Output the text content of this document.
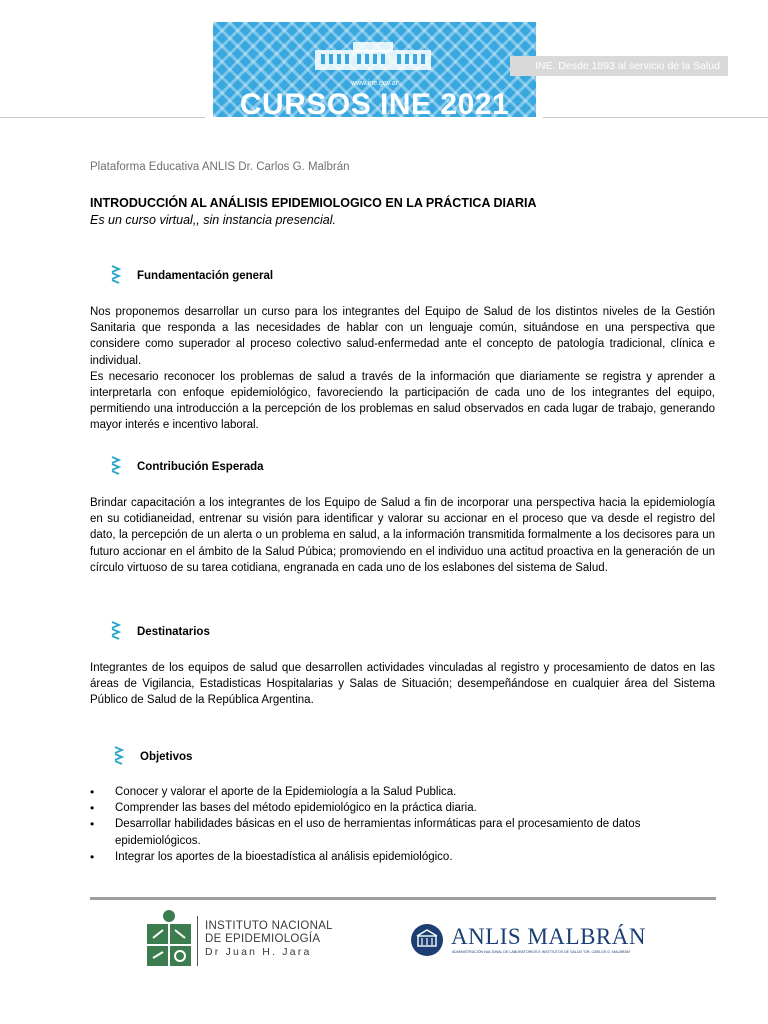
www.ine.gov.ar
CURSOS INE 2021
INE. Desde 1893 al servicio de la Salud
Plataforma Educativa ANLIS Dr. Carlos G. Malbrán
INTRODUCCIÓN AL ANÁLISIS EPIDEMIOLOGICO EN LA PRÁCTICA DIARIA
Es un curso virtual,, sin instancia presencial.
Fundamentación general

Nos proponemos desarrollar un curso para los integrantes del Equipo de Salud de los distintos niveles de la Gestión Sanitaria que responda a las necesidades de hablar con un lenguaje común, situándose en una perspectiva que considere como superador al proceso colectivo salud-enfermedad ante el concepto de patología tradicional, clínica e individual.

Es necesario reconocer los problemas de salud a través de la información que diariamente se registra y aprender a interpretarla con enfoque epidemiológico, favoreciendo la participación de cada uno de los integrantes del equipo, permitiendo una introducción a la percepción de los problemas en salud observados en cada lugar de trabajo, generando mayor interés e incentivo laboral.

Contribución Esperada

Brindar capacitación a los integrantes de los Equipo de Salud a fin de incorporar una perspectiva hacia la epidemiología en su cotidianeidad, entrenar su visión para identificar y valorar su accionar en el proceso que va desde el registro del dato, la percepción de un alerta o un problema en salud, a la información transmitida formalmente a los decisores para un futuro accionar en el ámbito de la Salud Púbica; promoviendo en el individuo una actitud proactiva en la generación de un círculo virtuoso de su tarea cotidiana, engranada en cada uno de los eslabones del sistema de Salud.

Destinatarios

Integrantes de los equipos de salud que desarrollen actividades vinculadas al registro y procesamiento de datos en las áreas de Vigilancia, Estadisticas Hospitalarias y Salas de Situación; desempeñándose en cualquier área del Sistema Público de Salud de la República Argentina.

Objetivos
• Conocer y valorar el aporte de la Epidemiología a la Salud Publica.
• Comprender las bases del método epidemiológico en la práctica diaria.
• Desarrollar habilidades básicas en el uso de herramientas informáticas para el procesamiento de datos epidemiológicos.
• Integrar los aportes de la bioestadística al análisis epidemiológico.
INSTITUTO NACIONAL
DE EPIDEMIOLOGÍA
Dr Juan H. Jara
ANLIS MALBRÁN
ADMINISTRACIÓN NACIONAL DE LABORATORIOS E INSTITUTOS DE SALUD "DR. CARLOS G. MALBRÁN"
